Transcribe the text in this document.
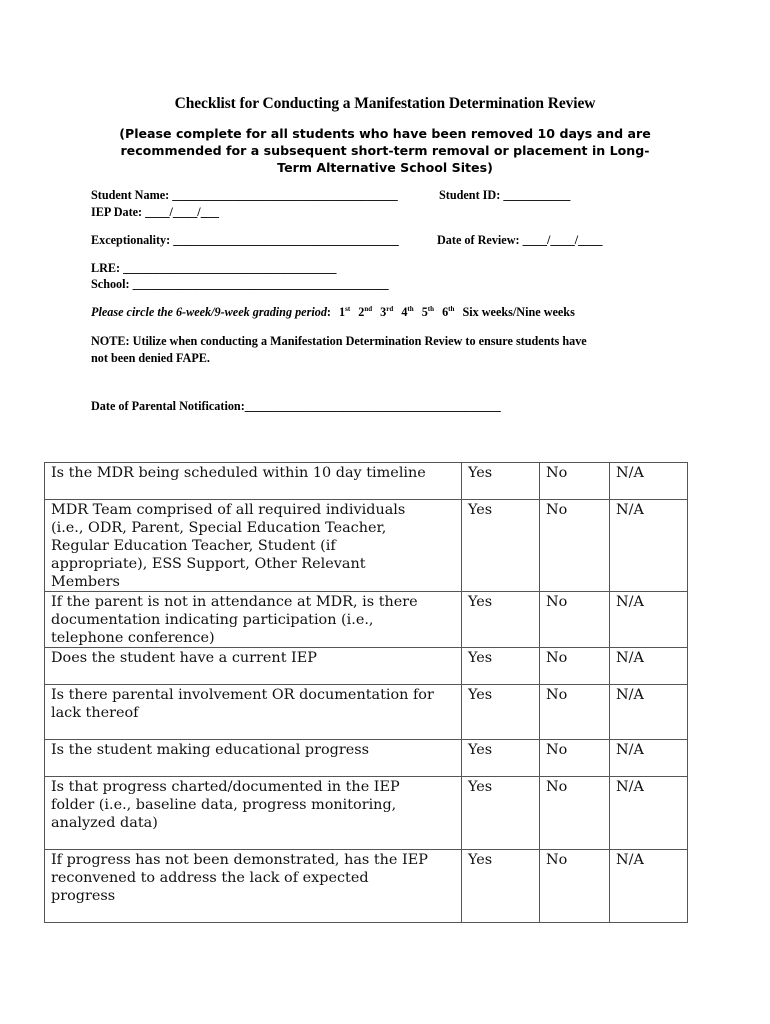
Checklist for Conducting a Manifestation Determination Review
(Please complete for all students who have been removed 10 days and are
recommended for a subsequent short-term removal or placement in Long-
Term Alternative School Sites)
Student Name: _____________________________________	Student ID: ___________
IEP Date: ____/____/___
Exceptionality: _____________________________________	Date of Review: ____/____/____
LRE: ___________________________________
School: __________________________________________
Please circle the 6-week/9-week grading period: 1st 2nd 3rd 4th 5th 6th Six weeks/Nine weeks
NOTE: Utilize when conducting a Manifestation Determination Review to ensure students have
not been denied FAPE.
Date of Parental Notification:__________________________________________
Is the MDR being scheduled within 10 day timeline	Yes	No	N/A

MDR Team comprised of all required individuals
(i.e., ODR, Parent, Special Education Teacher,
Regular Education Teacher, Student (if
appropriate), ESS Support, Other Relevant
Members	Yes	No	N/A

If the parent is not in attendance at MDR, is there
documentation indicating participation (i.e.,
telephone conference)	Yes	No	N/A

Does the student have a current IEP	Yes	No	N/A

Is there parental involvement OR documentation for
lack thereof	Yes	No	N/A

Is the student making educational progress	Yes	No	N/A

Is that progress charted/documented in the IEP
folder (i.e., baseline data, progress monitoring,
analyzed data)	Yes	No	N/A

If progress has not been demonstrated, has the IEP
reconvened to address the lack of expected
progress	Yes	No	N/A
